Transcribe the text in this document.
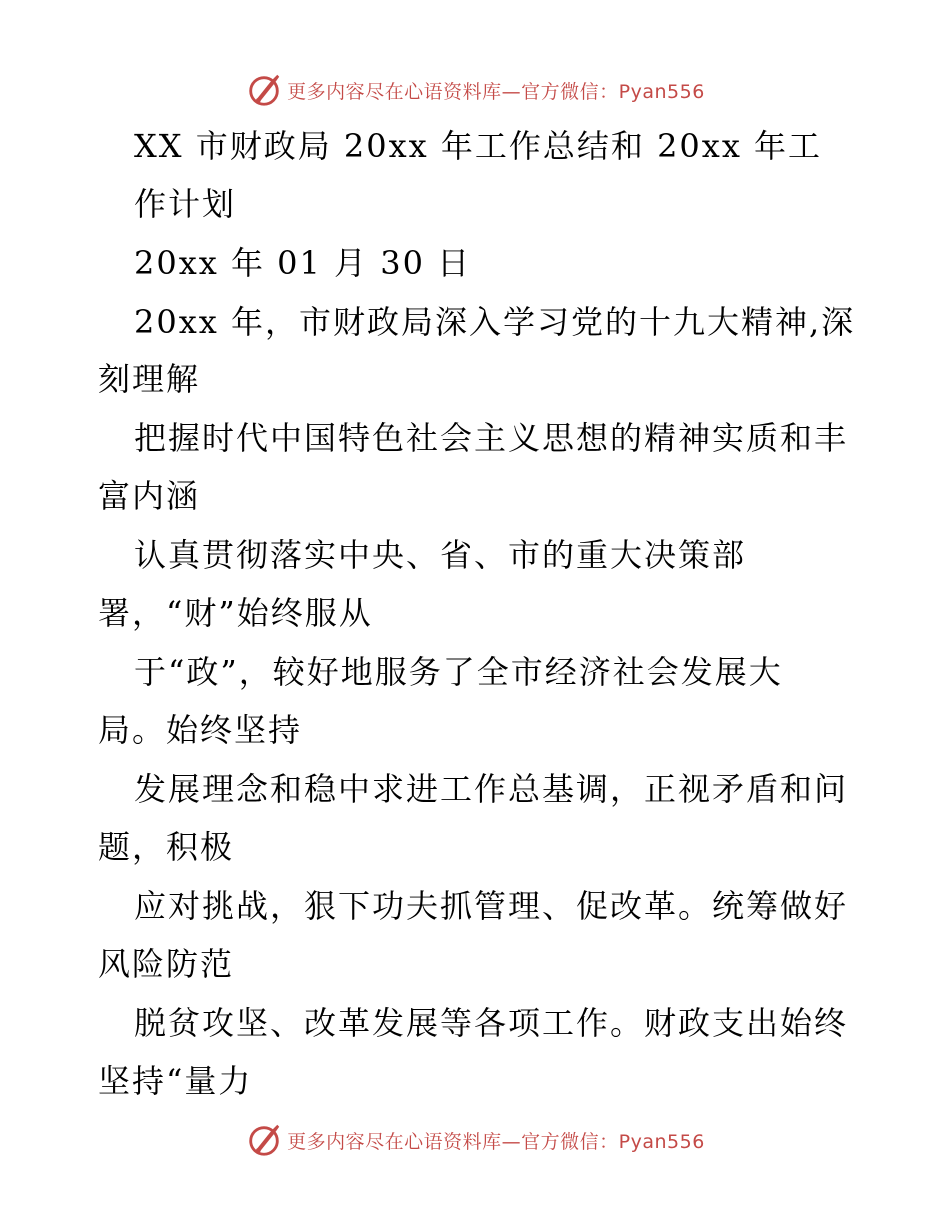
更多内容尽在心语资料库—官方微信：Pyan556
XX 市财政局 20xx 年工作总结和 20xx 年工
作计划
20xx 年 01 月 30 日
20xx 年，市财政局深入学习党的十九大精神,深
刻理解
把握时代中国特色社会主义思想的精神实质和丰
富内涵
认真贯彻落实中央、省、市的重大决策部
署，“财”始终服从
于“政”，较好地服务了全市经济社会发展大
局。始终坚持
发展理念和稳中求进工作总基调，正视矛盾和问
题，积极
应对挑战，狠下功夫抓管理、促改革。统筹做好
风险防范
脱贫攻坚、改革发展等各项工作。财政支出始终
坚持“量力
更多内容尽在心语资料库—官方微信：Pyan556
